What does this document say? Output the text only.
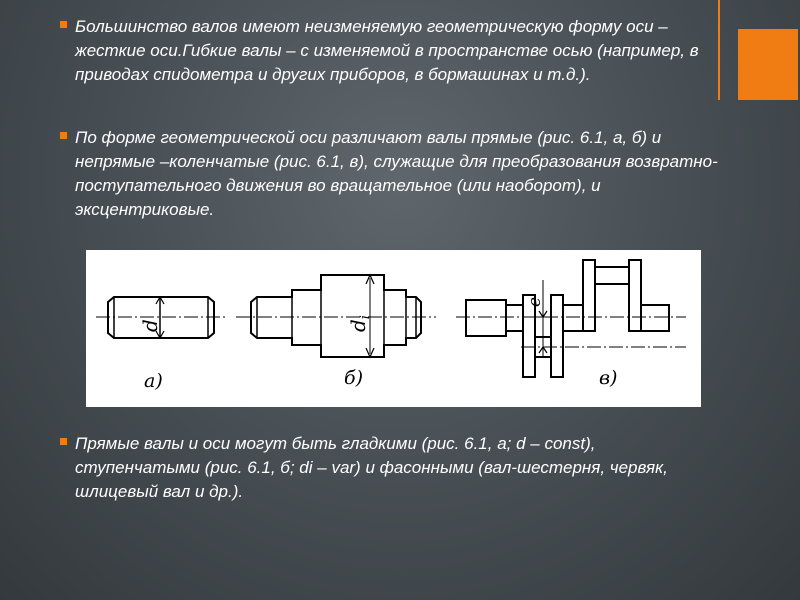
Большинство валов имеют неизменяемую геометрическую форму оси – жесткие оси.Гибкие валы – с изменяемой в пространстве осью (например, в приводах спидометра и других приборов, в бормашинах и т.д.).
По форме геометрической оси различают валы прямые (рис. 6.1, а, б) и непрямые –коленчатые (рис. 6.1, в), служащие для преобразования возвратно-поступательного движения во вращательное (или наоборот), и эксцентриковые.
d	$d_i$
e
а)	б)	в)
Прямые валы и оси могут быть гладкими (рис. 6.1, а; d – const), ступенчатыми (рис. 6.1, б; di – var) и фасонными (вал-шестерня, червяк, шлицевый вал и др.).
